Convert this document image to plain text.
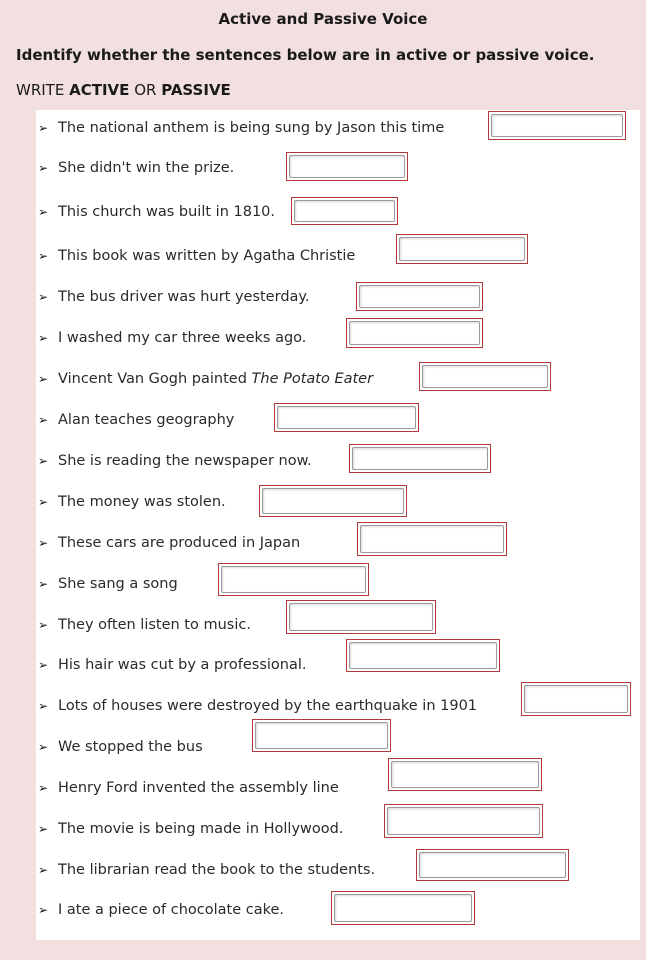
Active and Passive Voice
Identify whether the sentences below are in active or passive voice.
WRITE ACTIVE OR PASSIVE
➢ The national anthem is being sung by Jason this time
➢ She didn't win the prize.
➢ This church was built in 1810.
➢ This book was written by Agatha Christie
➢ The bus driver was hurt yesterday.
➢ I washed my car three weeks ago.
➢ Vincent Van Gogh painted The Potato Eater
➢ Alan teaches geography
➢ She is reading the newspaper now.
➢ The money was stolen.
➢ These cars are produced in Japan
➢ She sang a song
➢ They often listen to music.
➢ His hair was cut by a professional.
➢ Lots of houses were destroyed by the earthquake in 1901
➢ We stopped the bus
➢ Henry Ford invented the assembly line
➢ The movie is being made in Hollywood.
➢ The librarian read the book to the students.
➢ I ate a piece of chocolate cake.
